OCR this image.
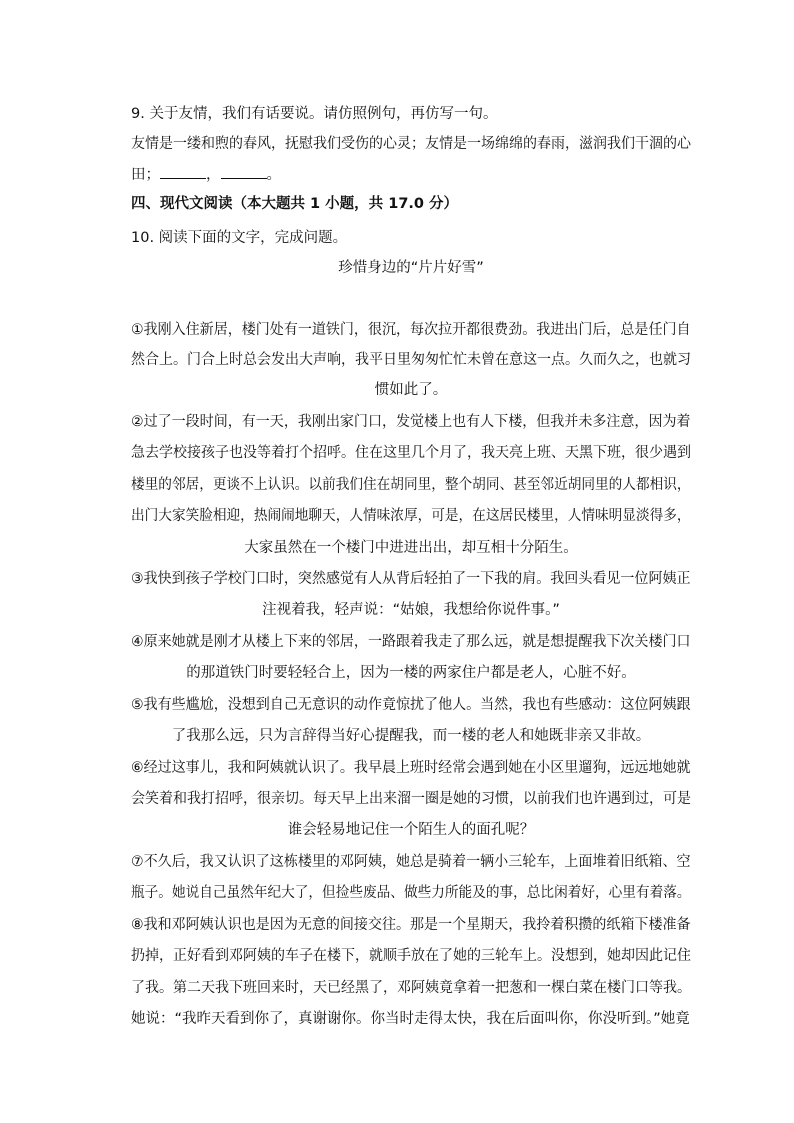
9. 关于友情，我们有话要说。请仿照例句，再仿写一句。

友情是一缕和煦的春风，抚慰我们受伤的心灵；友情是一场绵绵的春雨，滋润我们干涸的心

田；	，	。

四、现代文阅读（本大题共 1 小题，共 17.0 分）

10. 阅读下面的文字，完成问题。

珍惜身边的“片片好雪”

①我刚入住新居，楼门处有一道铁门，很沉，每次拉开都很费劲。我进出门后，总是任门自

然合上。门合上时总会发出大声响，我平日里匆匆忙忙未曾在意这一点。久而久之，也就习

惯如此了。

②过了一段时间，有一天，我刚出家门口，发觉楼上也有人下楼，但我并未多注意，因为着

急去学校接孩子也没等着打个招呼。住在这里几个月了，我天亮上班、天黑下班，很少遇到

楼里的邻居，更谈不上认识。以前我们住在胡同里，整个胡同、甚至邻近胡同里的人都相识，

出门大家笑脸相迎，热闹闹地聊天，人情味浓厚，可是，在这居民楼里，人情味明显淡得多，

大家虽然在一个楼门中进进出出，却互相十分陌生。

③我快到孩子学校门口时，突然感觉有人从背后轻拍了一下我的肩。我回头看见一位阿姨正

注视着我，轻声说：“姑娘，我想给你说件事。”

④原来她就是刚才从楼上下来的邻居，一路跟着我走了那么远，就是想提醒我下次关楼门口

的那道铁门时要轻轻合上，因为一楼的两家住户都是老人，心脏不好。

⑤我有些尴尬，没想到自己无意识的动作竟惊扰了他人。当然，我也有些感动：这位阿姨跟

了我那么远，只为言辞得当好心提醒我，而一楼的老人和她既非亲又非故。

⑥经过这事儿，我和阿姨就认识了。我早晨上班时经常会遇到她在小区里遛狗，远远地她就

会笑着和我打招呼，很亲切。每天早上出来溜一圈是她的习惯，以前我们也许遇到过，可是

谁会轻易地记住一个陌生人的面孔呢？

⑦不久后，我又认识了这栋楼里的邓阿姨，她总是骑着一辆小三轮车，上面堆着旧纸箱、空

瓶子。她说自己虽然年纪大了，但捡些废品、做些力所能及的事，总比闲着好，心里有着落。

⑧我和邓阿姨认识也是因为无意的间接交往。那是一个星期天，我拎着积攒的纸箱下楼准备

扔掉，正好看到邓阿姨的车子在楼下，就顺手放在了她的三轮车上。没想到，她却因此记住

了我。第二天我下班回来时，天已经黑了，邓阿姨竟拿着一把葱和一棵白菜在楼门口等我。

她说：“我昨天看到你了，真谢谢你。你当时走得太快，我在后面叫你，你没听到。”她竟
